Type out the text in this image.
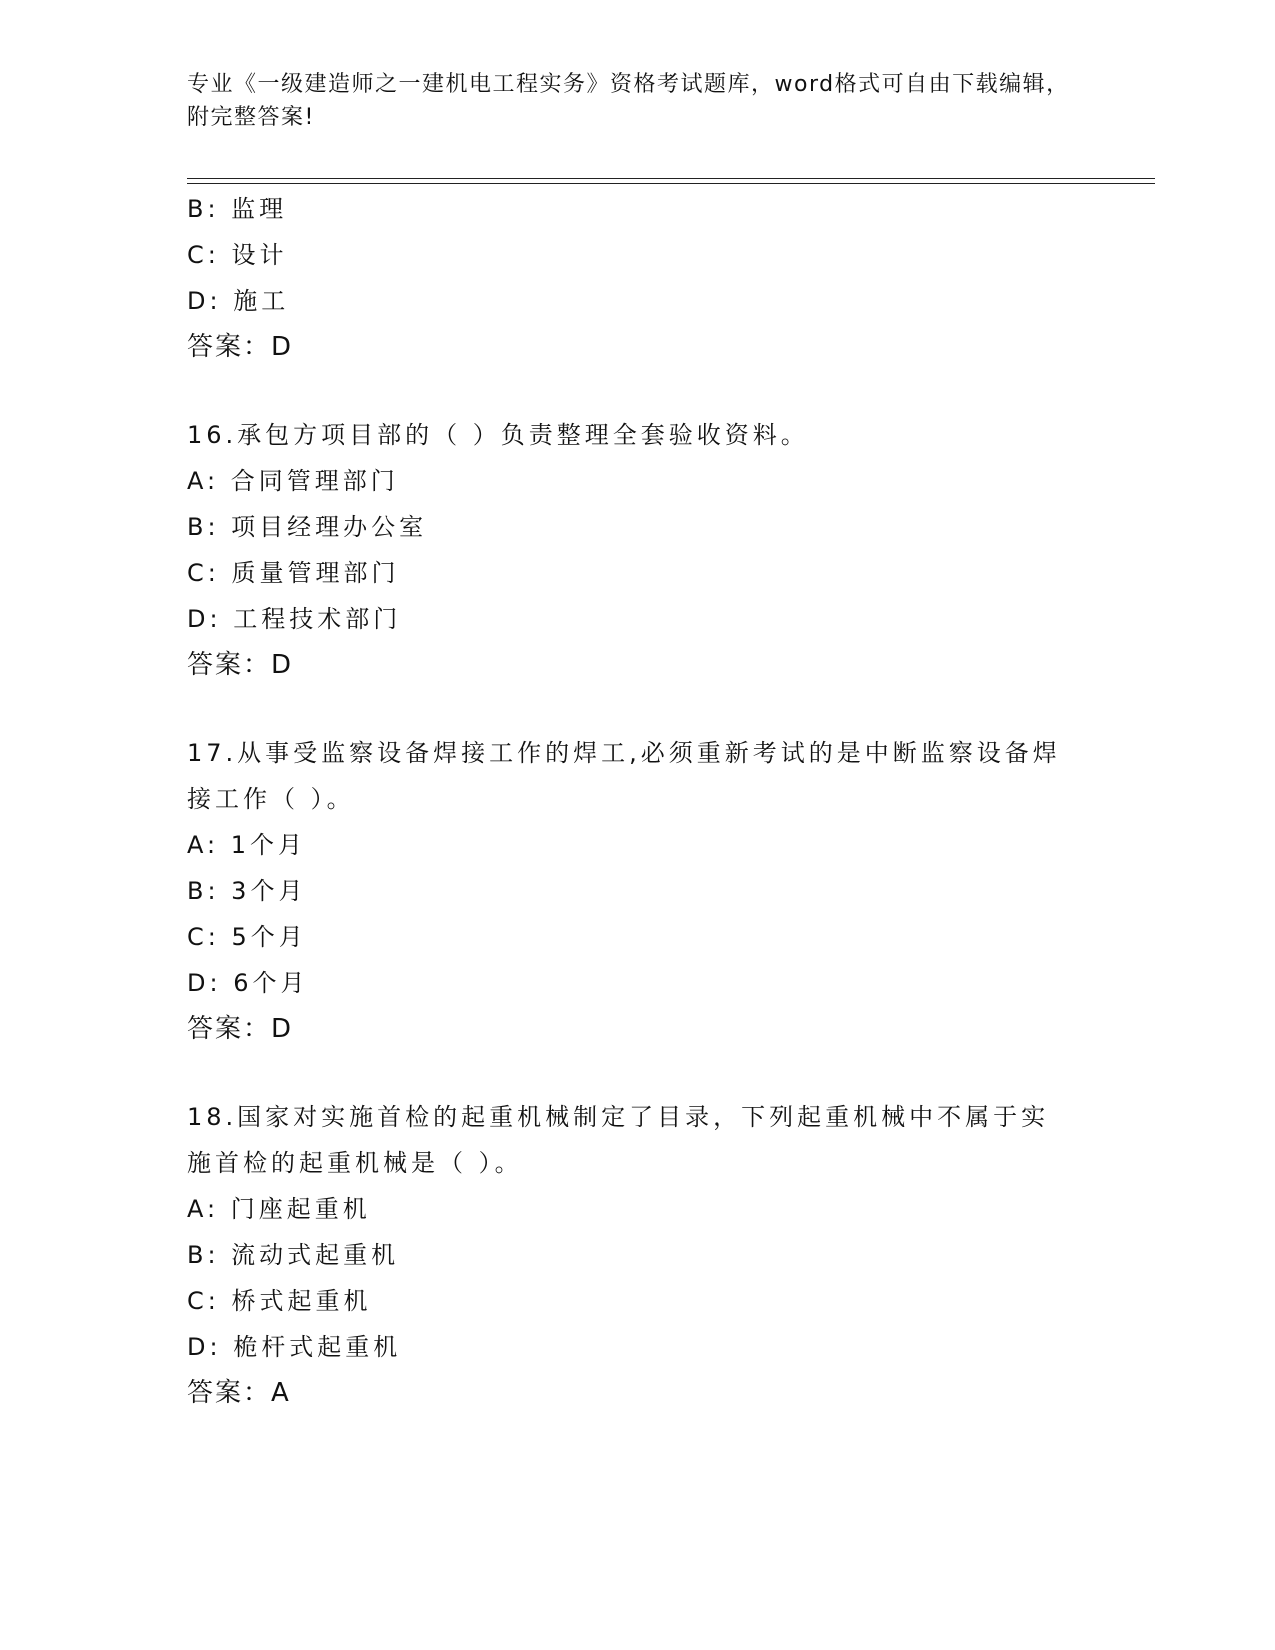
专业《一级建造师之一建机电工程实务》资格考试题库，word格式可自由下载编辑，附完整答案!
B: 监理
C: 设计
D: 施工
答案：D
16.承包方项目部的（ ）负责整理全套验收资料。
A: 合同管理部门
B: 项目经理办公室
C: 质量管理部门
D: 工程技术部门
答案：D
17.从事受监察设备焊接工作的焊工,必须重新考试的是中断监察设备焊接工作（ ）。
A: 1个月
B: 3个月
C: 5个月
D: 6个月
答案：D
18.国家对实施首检的起重机械制定了目录，下列起重机械中不属于实施首检的起重机械是（ ）。
A: 门座起重机
B: 流动式起重机
C: 桥式起重机
D: 桅杆式起重机
答案：A
